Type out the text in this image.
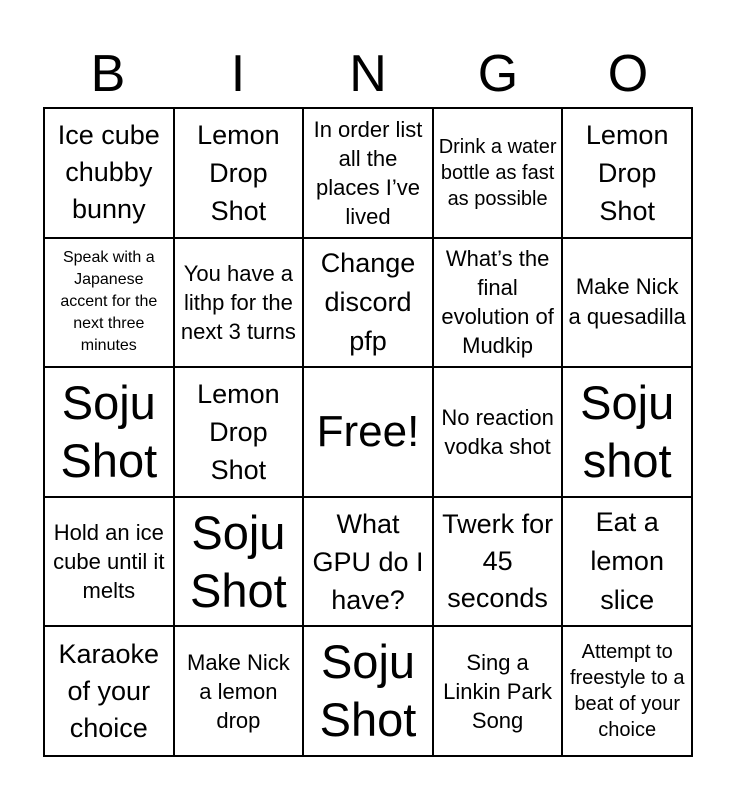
B	I	N	G	O
Ice cube chubby bunny
Lemon Drop Shot
In order list all the places I’ve lived
Drink a water bottle as fast as possible
Lemon Drop Shot
Speak with a Japanese accent for the next three minutes
You have a lithp for the next 3 turns
Change discord pfp
What’s the final evolution of Mudkip
Make Nick a quesadilla
Soju Shot
Lemon Drop Shot
Free! No reaction vodka shot
Soju shot
Hold an ice cube until it melts
Soju Shot
What GPU do I have?
Twerk for 45 seconds
Eat a lemon slice
Karaoke of your choice
Make Nick a lemon drop
Soju Shot
Sing a Linkin Park Song
Attempt to freestyle to a beat of your choice
